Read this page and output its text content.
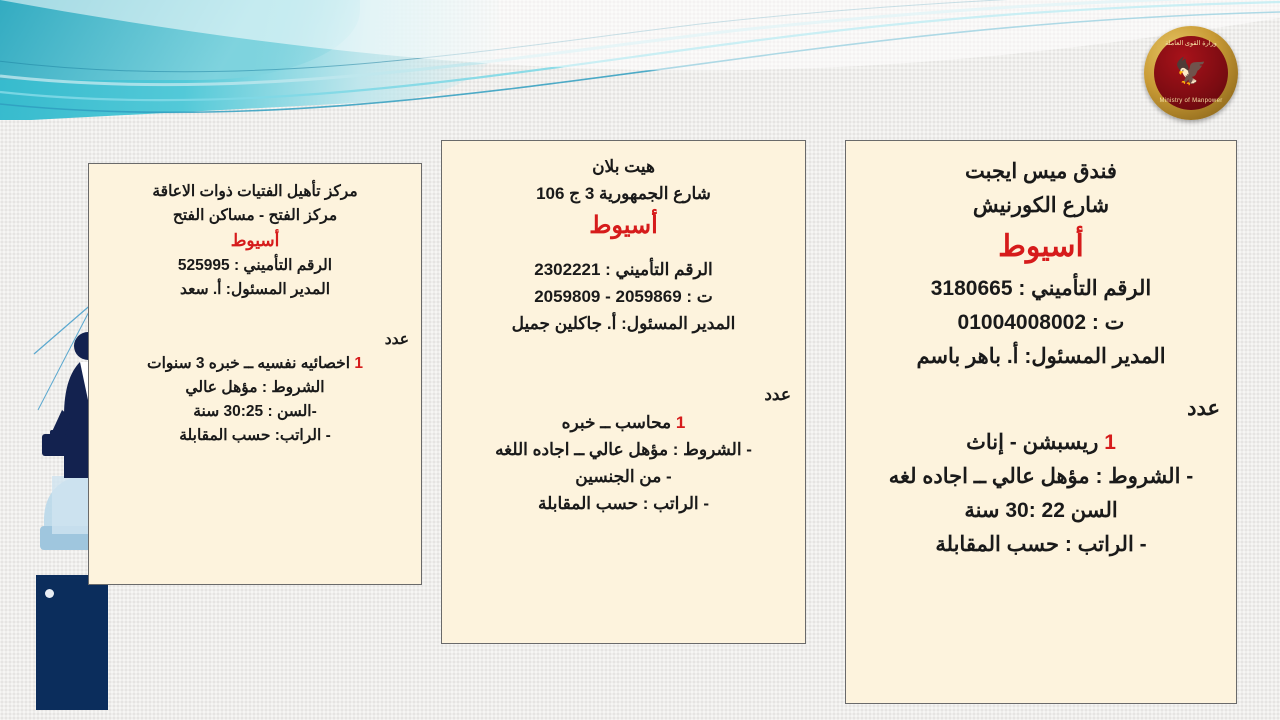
وزارة القوى العاملة
🦅
Ministry of Manpower
مركز تأهيل الفتيات ذوات الاعاقة
مركز الفتح - مساكن الفتح
أسيوط
الرقم التأميني : 525995
المدير المسئول: أ. سعد
عدد
1 اخصائيه نفسيه ــ خبره 3 سنوات
الشروط : مؤهل عالي
-السن : 30:25 سنة
- الراتب: حسب المقابلة
هيت بلان
شارع الجمهورية 3 ج 106
أسيوط
الرقم التأميني : 2302221
ت : 2059869 - 2059809
المدير المسئول: أ. جاكلين جميل
عدد
1 محاسب ــ خبره
- الشروط : مؤهل عالي ــ اجاده اللغه
- من الجنسين
- الراتب : حسب المقابلة
فندق ميس ايجبت
شارع الكورنيش
أسيوط
الرقم التأميني : 3180665
ت : 01004008002
المدير المسئول: أ. باهر باسم
عدد
1 ريسبشن - إناث
- الشروط : مؤهل عالي ــ اجاده لغه
السن 22 :30 سنة
- الراتب : حسب المقابلة
